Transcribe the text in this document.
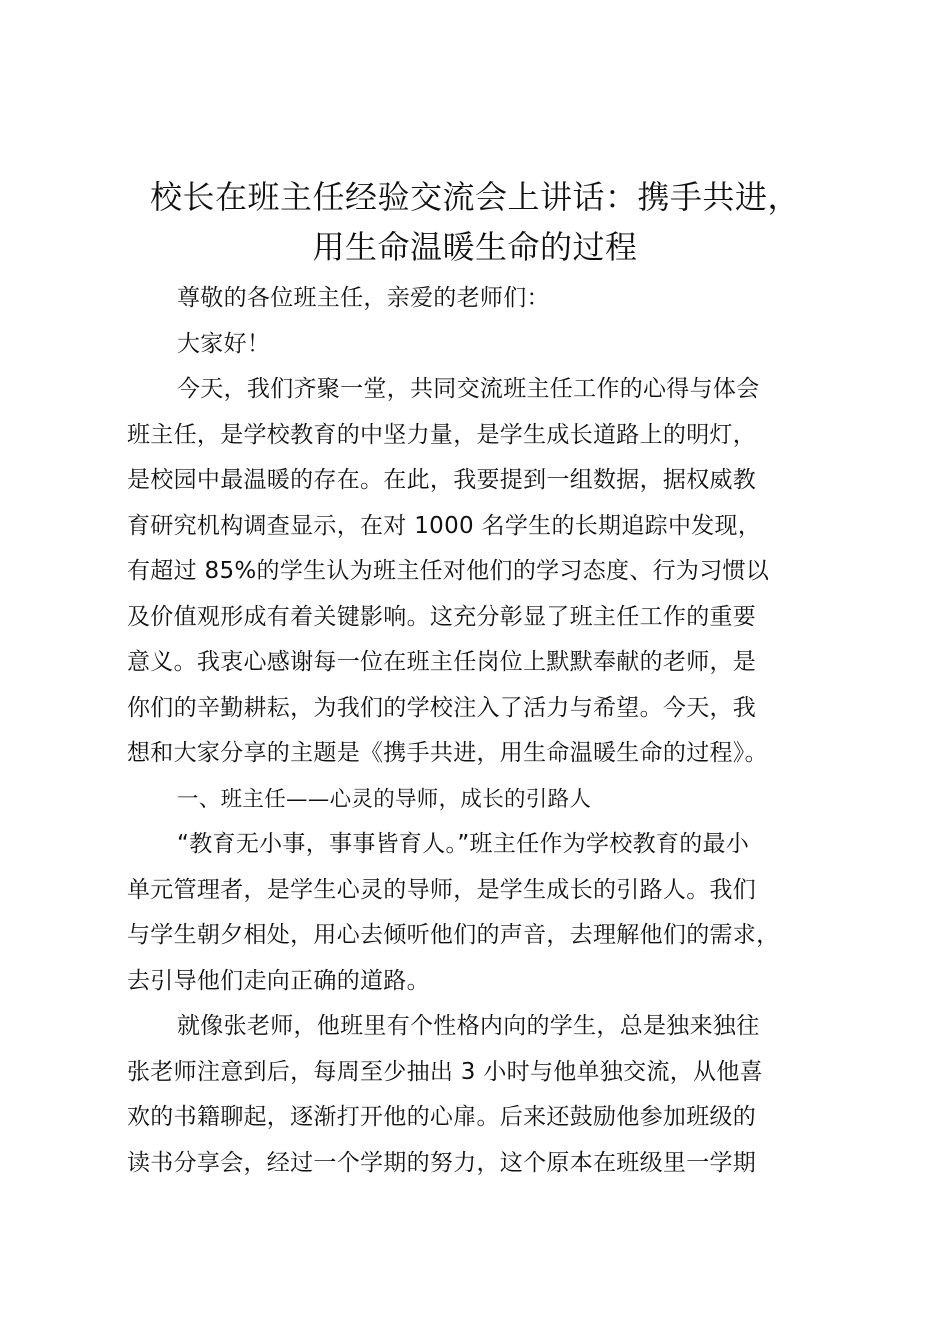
校长在班主任经验交流会上讲话：携手共进，
用生命温暖生命的过程
尊敬的各位班主任，亲爱的老师们：
大家好！
今天，我们齐聚一堂，共同交流班主任工作的心得与体会
班主任，是学校教育的中坚力量，是学生成长道路上的明灯，
是校园中最温暖的存在。在此，我要提到一组数据，据权威教
育研究机构调查显示，在对 1000 名学生的长期追踪中发现，
有超过 85%的学生认为班主任对他们的学习态度、行为习惯以
及价值观形成有着关键影响。这充分彰显了班主任工作的重要
意义。我衷心感谢每一位在班主任岗位上默默奉献的老师，是
你们的辛勤耕耘，为我们的学校注入了活力与希望。今天，我
想和大家分享的主题是《携手共进，用生命温暖生命的过程》。
一、班主任——心灵的导师，成长的引路人
“教育无小事，事事皆育人。”班主任作为学校教育的最小
单元管理者，是学生心灵的导师，是学生成长的引路人。我们
与学生朝夕相处，用心去倾听他们的声音，去理解他们的需求，
去引导他们走向正确的道路。
就像张老师，他班里有个性格内向的学生，总是独来独往
张老师注意到后，每周至少抽出 3 小时与他单独交流，从他喜
欢的书籍聊起，逐渐打开他的心扉。后来还鼓励他参加班级的
读书分享会，经过一个学期的努力，这个原本在班级里一学期
